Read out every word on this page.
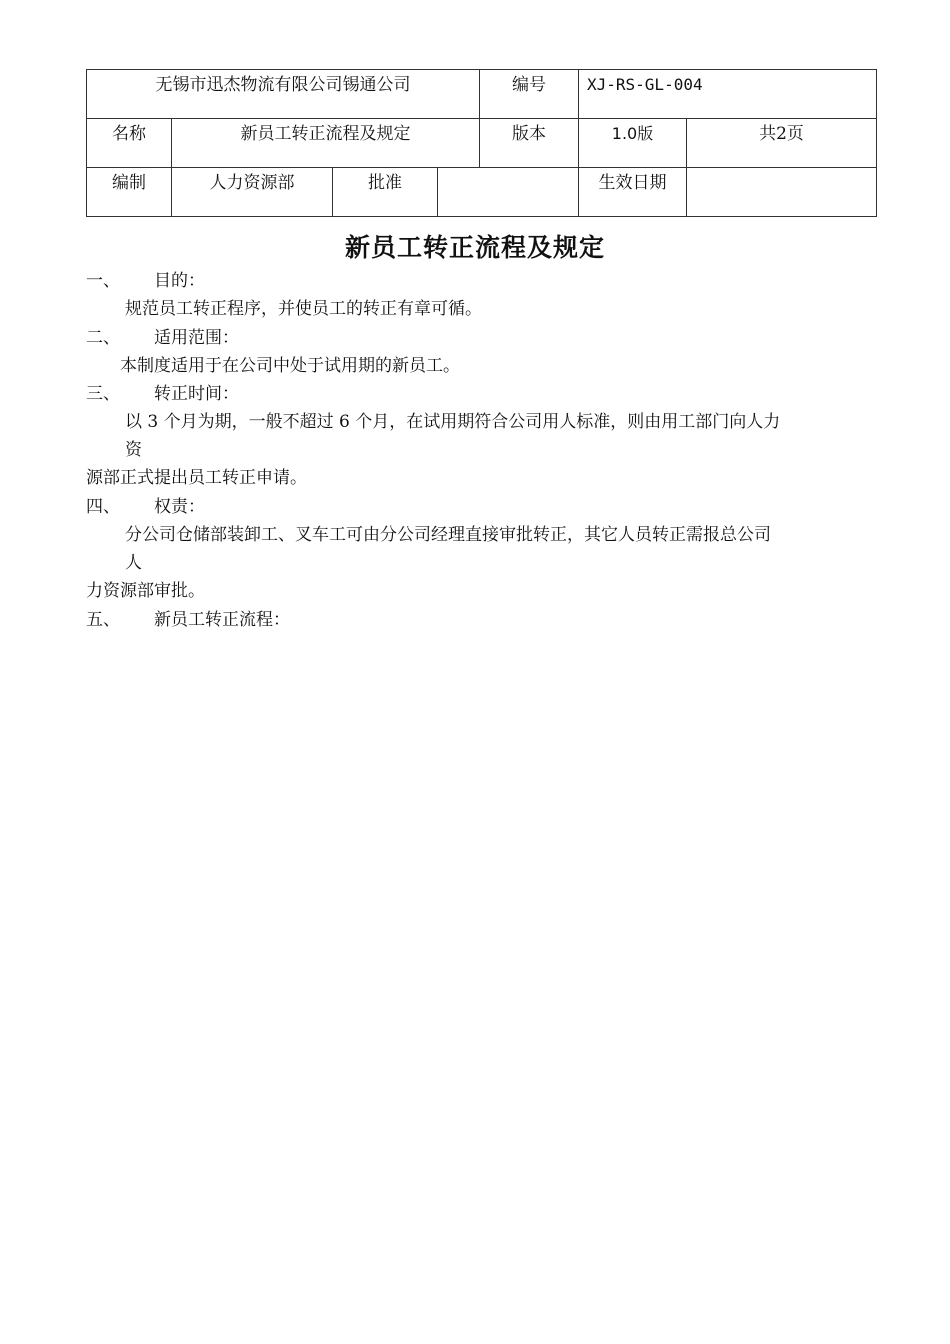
无锡市迅杰物流有限公司锡通公司				编号	XJ-RS-GL-004	

名称	新员工转正流程及规定			版本	1.0版	共2页

编制	人力资源部	批准			生效日期	

新员工转正流程及规定
一、 目的：
规范员工转正程序，并使员工的转正有章可循。
二、 适用范围：
本制度适用于在公司中处于试用期的新员工。
三、 转正时间：
以 3 个月为期，一般不超过 6 个月，在试用期符合公司用人标准，则由用工部门向人力
资
源部正式提出员工转正申请。
四、 权责：
分公司仓储部装卸工、叉车工可由分公司经理直接审批转正，其它人员转正需报总公司
人
力资源部审批。
五、 新员工转正流程：
